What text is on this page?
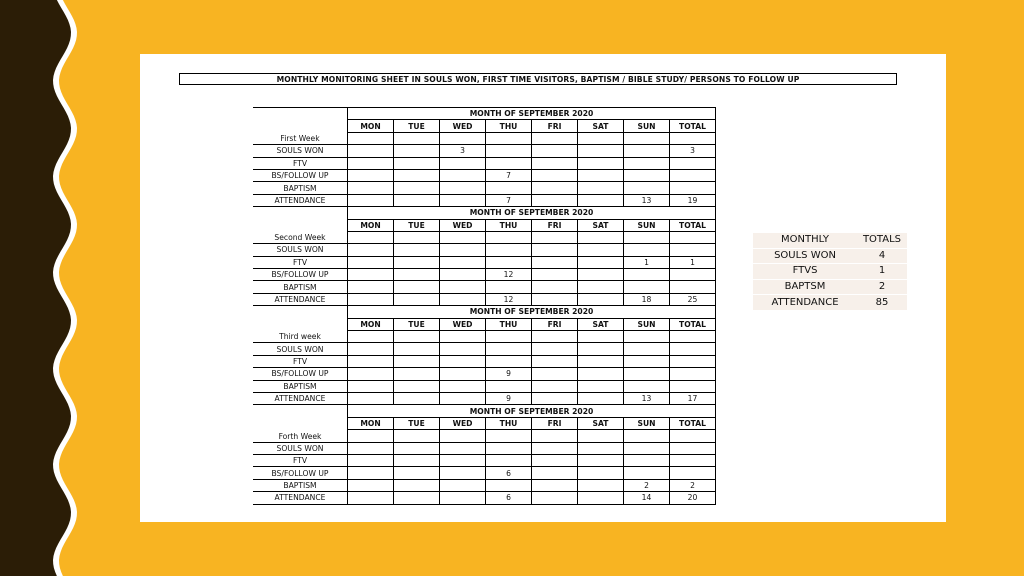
MONTHLY MONITORING SHEET IN SOULS WON, FIRST TIME VISITORS, BAPTISM / BIBLE STUDY/ PERSONS TO FOLLOW UP
	MONTH OF SEPTEMBER 2020							
	MON	TUE	WED	THU	FRI	SAT	SUN	TOTAL
First Week								
SOULS WON			3					3
FTV								
BS/FOLLOW UP				7				
BAPTISM								
ATTENDANCE				7			13	19
	MONTH OF SEPTEMBER 2020							
	MON	TUE	WED	THU	FRI	SAT	SUN	TOTAL
Second Week								
SOULS WON								
FTV							1	1
BS/FOLLOW UP				12				
BAPTISM								
ATTENDANCE				12			18	25
	MONTH OF SEPTEMBER 2020							
	MON	TUE	WED	THU	FRI	SAT	SUN	TOTAL
Third week								
SOULS WON								
FTV								
BS/FOLLOW UP				9				
BAPTISM								
ATTENDANCE				9			13	17
	MONTH OF SEPTEMBER 2020							
	MON	TUE	WED	THU	FRI	SAT	SUN	TOTAL
Forth Week								
SOULS WON								
FTV								
BS/FOLLOW UP				6				
BAPTISM							2	2
ATTENDANCE				6			14	20
MONTHLY	TOTALS
SOULS WON	4
FTVS	1
BAPTSM	2
ATTENDANCE	85
